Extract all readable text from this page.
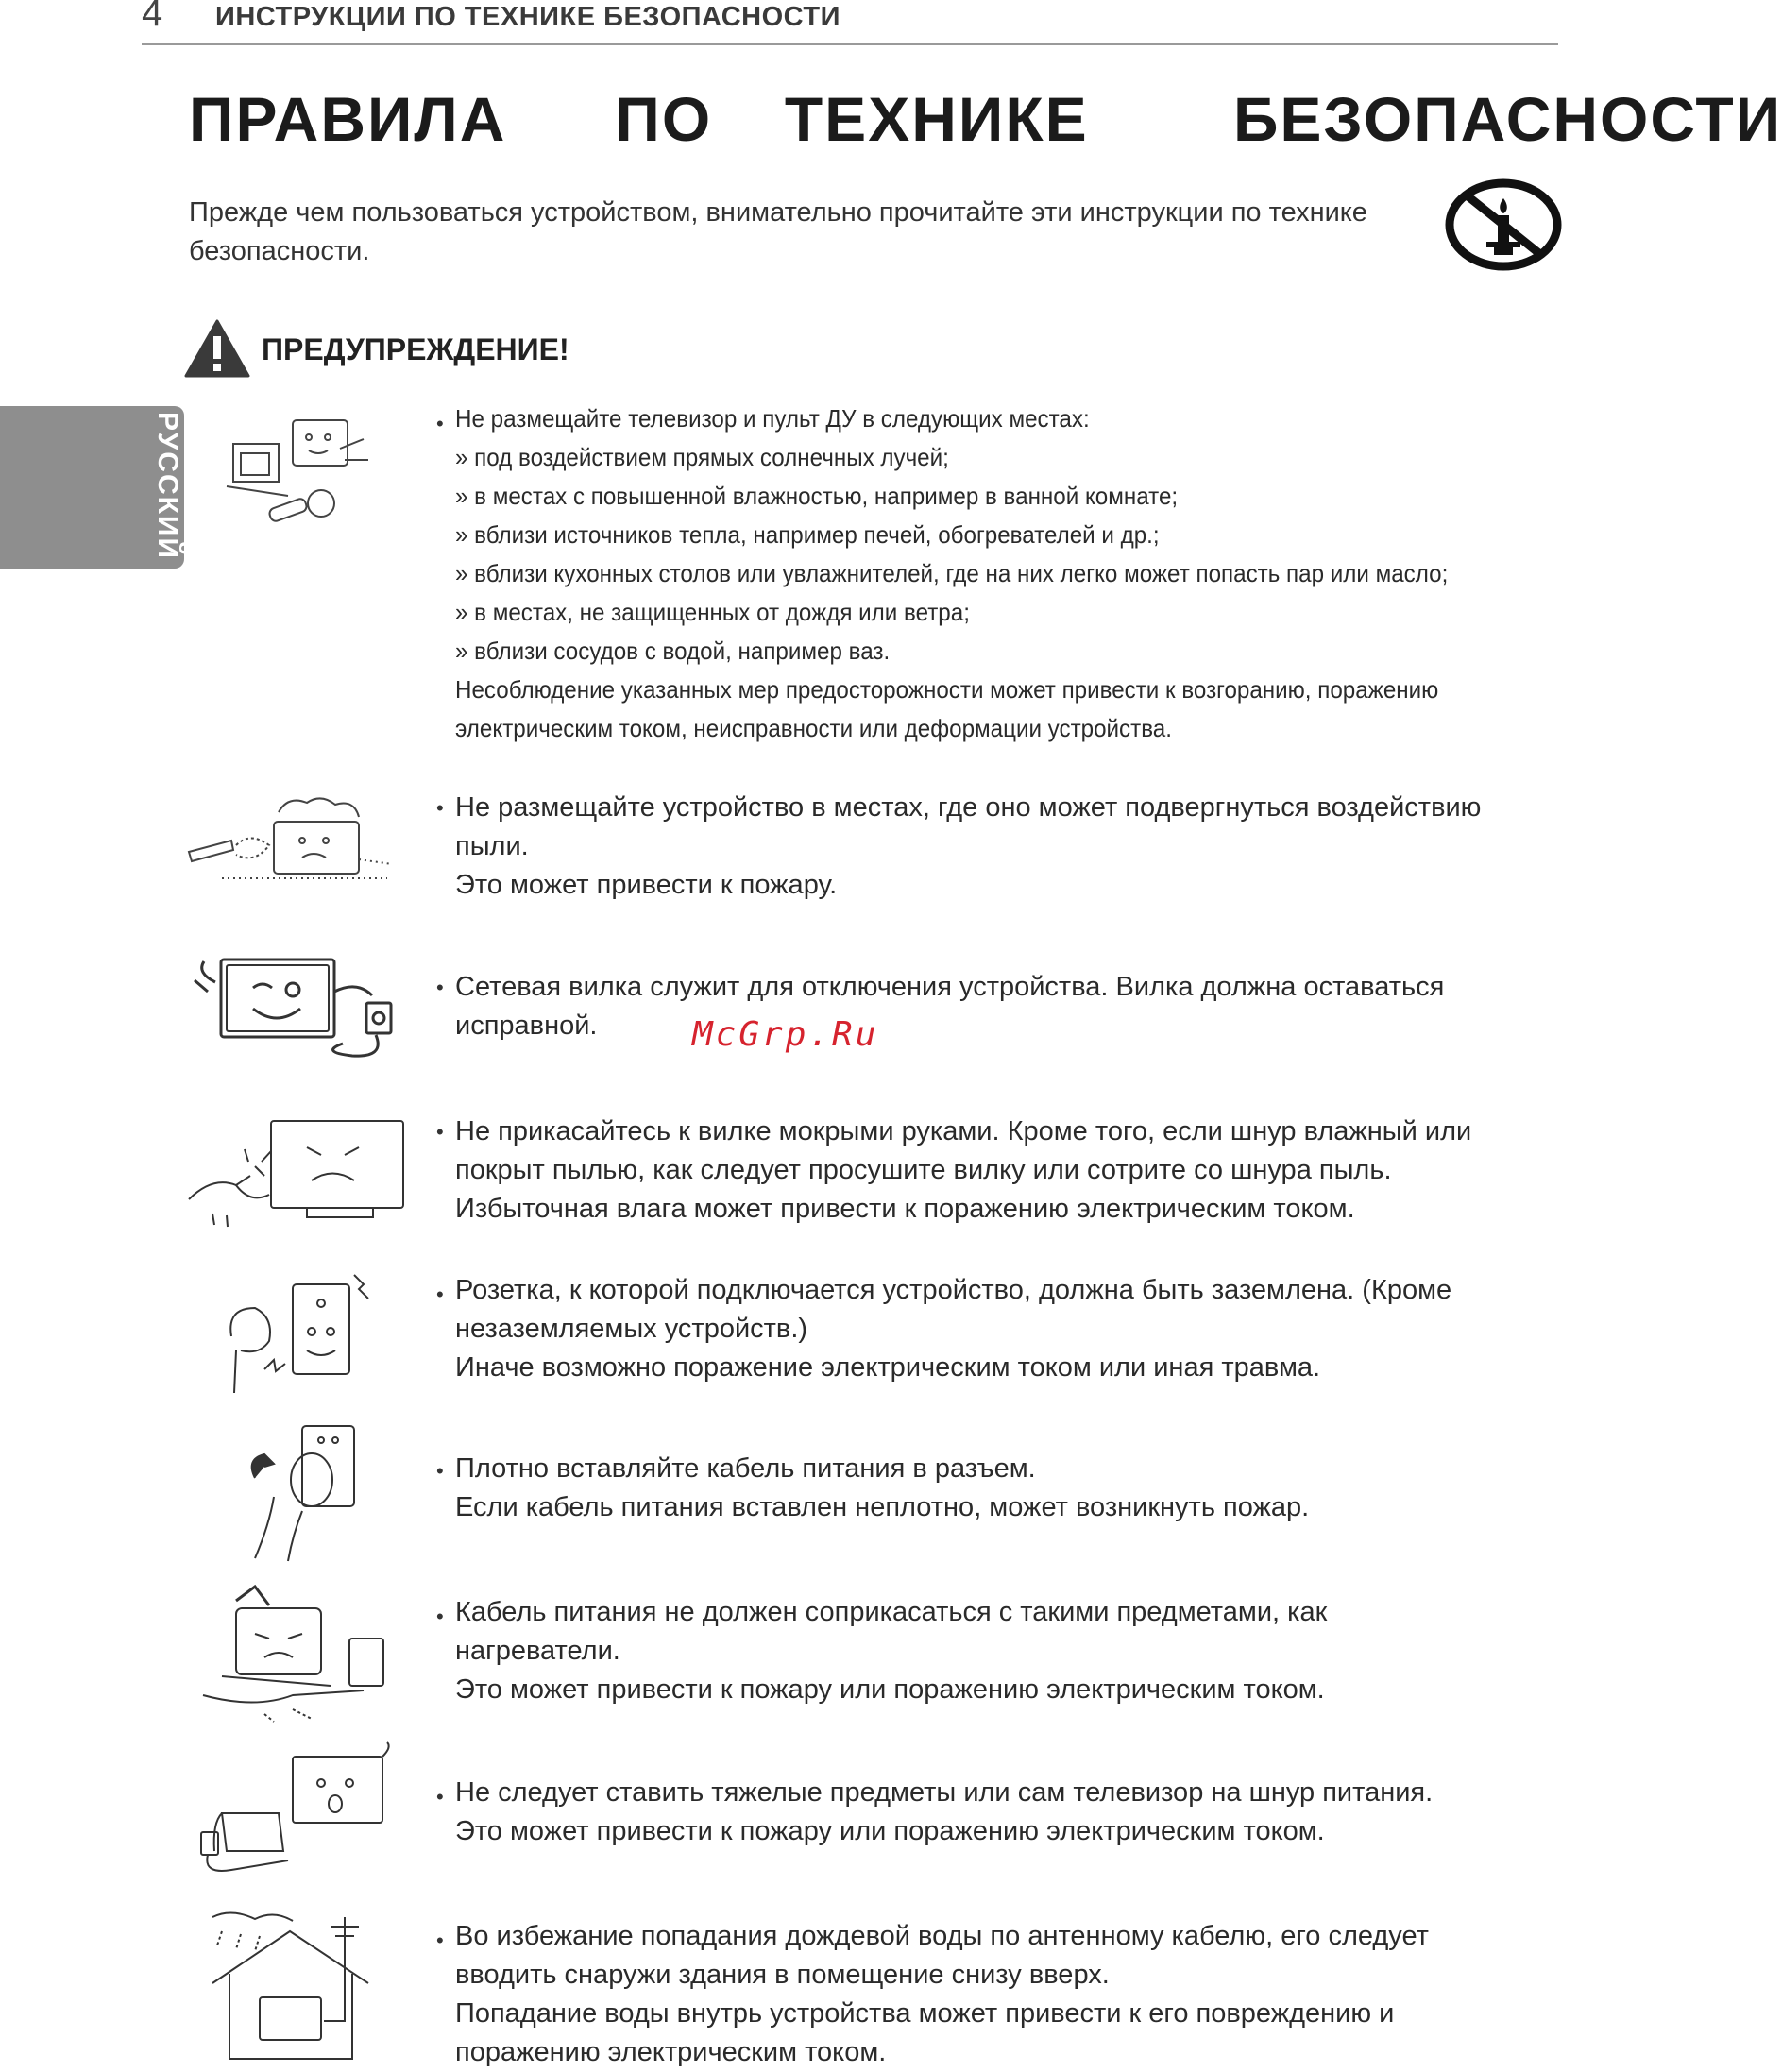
4 ИНСТРУКЦИИ ПО ТЕХНИКЕ БЕЗОПАСНОСТИ
ПРАВИЛА   ПО  ТЕХНИКЕ    БЕЗОПАСНОСТИ
Прежде чем пользоваться устройством, внимательно прочитайте эти инструкции по технике безопасности.
ПРЕДУПРЕЖДЕНИЕ!
РУССКИЙ	• Не размещайте телевизор и пульт ДУ в следующих местах:
» под воздействием прямых солнечных лучей;
» в местах с повышенной влажностью, например в ванной комнате;
» вблизи источников тепла, например печей, обогревателей и др.;
» вблизи кухонных столов или увлажнителей, где на них легко может попасть пар или масло;
» в местах, не защищенных от дождя или ветра;
» вблизи сосудов с водой, например ваз.
Несоблюдение указанных мер предосторожности может привести к возгоранию, поражению
электрическим током, неисправности или деформации устройства.
• Не размещайте устройство в местах, где оно может подвергнуться воздействию
пыли.
Это может привести к пожару.
• Сетевая вилка служит для отключения устройства. Вилка должна оставаться
исправной.
• Не прикасайтесь к вилке мокрыми руками. Кроме того, если шнур влажный или
покрыт пылью, как следует просушите вилку или сотрите со шнура пыль.
Избыточная влага может привести к поражению электрическим током.
• Розетка, к которой подключается устройство, должна быть заземлена. (Кроме
незаземляемых устройств.)
Иначе возможно поражение электрическим током или иная травма.
• Плотно вставляйте кабель питания в разъем.
Если кабель питания вставлен неплотно, может возникнуть пожар.
• Кабель питания не должен соприкасаться с такими предметами, как
нагреватели.
Это может привести к пожару или поражению электрическим током.
• Не следует ставить тяжелые предметы или сам телевизор на шнур питания.
Это может привести к пожару или поражению электрическим током.
• Во избежание попадания дождевой воды по антенному кабелю, его следует
вводить снаружи здания в помещение снизу вверх.
Попадание воды внутрь устройства может привести к его повреждению и
поражению электрическим током.
McGrp.Ru
